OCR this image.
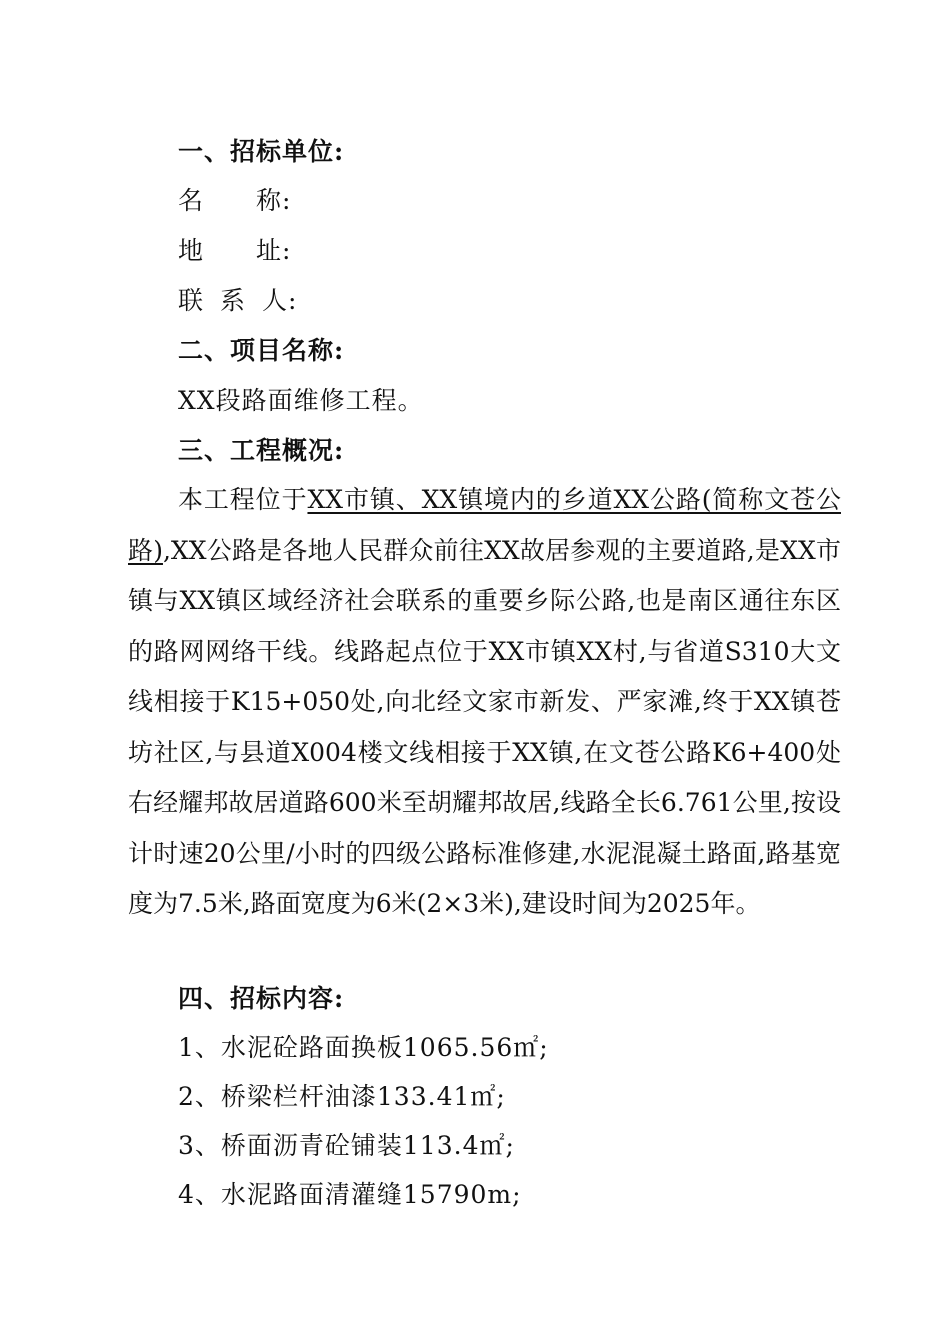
一、招标单位:
名 称:
地 址:
联 系 人:
二、项目名称:
XX段路面维修工程。
三、工程概况:

本工程位于XX市镇、XX镇境内的乡道XX公路(简称文苍公路),XX公路是各地人民群众前往XX故居参观的主要道路,是XX市镇与XX镇区域经济社会联系的重要乡际公路,也是南区通往东区的路网网络干线。线路起点位于XX市镇XX村,与省道S310大文线相接于K15+050处,向北经文家市新发、严家滩,终于XX镇苍坊社区,与县道X004楼文线相接于XX镇,在文苍公路K6+400处右经耀邦故居道路600米至胡耀邦故居,线路全长6.761公里,按设计时速20公里/小时的四级公路标准修建,水泥混凝土路面,路基宽度为7.5米,路面宽度为6米(2×3米),建设时间为2025年。

四、招标内容:
1、水泥砼路面换板1065.56㎡;
2、桥梁栏杆油漆133.41㎡;
3、桥面沥青砼铺装113.4㎡;
4、水泥路面清灌缝15790m;
